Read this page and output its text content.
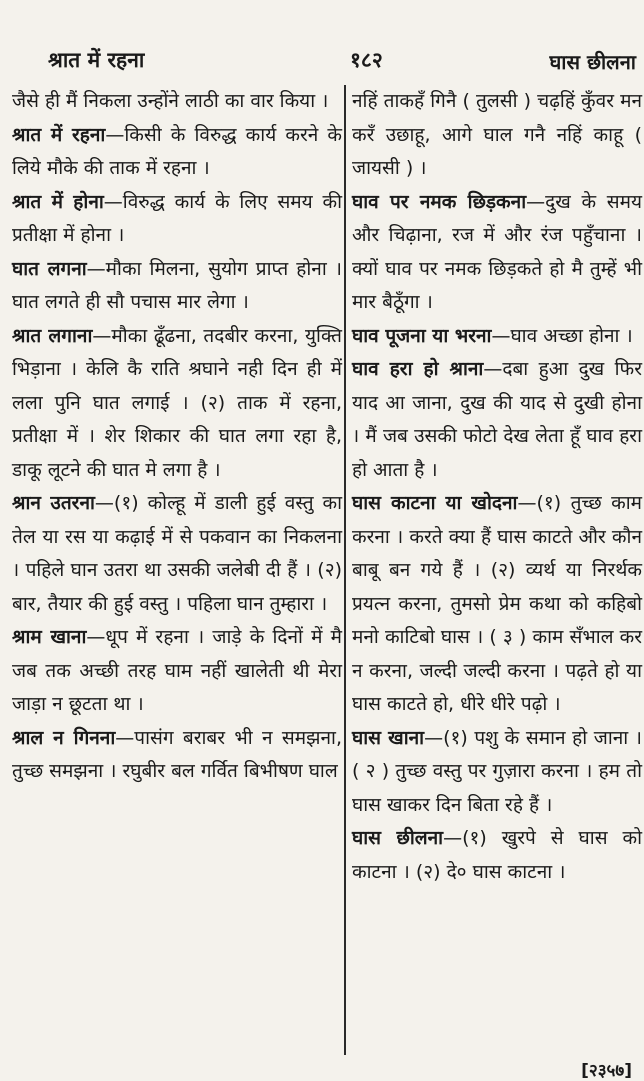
श्रात में रहना	१८२	घास छीलना

जैसे ही मैं निकला उन्होंने लाठी का वार किया ।

श्रात में रहना—किसी के विरुद्ध कार्य करने के लिये मौके की ताक में रहना ।

श्रात में होना—विरुद्ध कार्य के लिए समय की प्रतीक्षा में होना ।

घात लगना—मौका मिलना, सुयोग प्राप्त होना । घात लगते ही सौ पचास मार लेगा ।

श्रात लगाना—मौका ढूँढना, तदबीर करना, युक्ति भिड़ाना । केलि कै राति श्रघाने नही दिन ही में लला पुनि घात लगाई । (२) ताक में रहना, प्रतीक्षा में । शेर शिकार की घात लगा रहा है, डाकू लूटने की घात मे लगा है ।

श्रान उतरना—(१) कोल्हू में डाली हुई वस्तु का तेल या रस या कढ़ाई में से पकवान का निकलना । पहिले घान उतरा था उसकी जलेबी दी हैं । (२) बार, तैयार की हुई वस्तु । पहिला घान तुम्हारा ।

श्राम खाना—धूप में रहना । जाड़े के दिनों में मै जब तक अच्छी तरह घाम नहीं खालेती थी मेरा जाड़ा न छूटता था ।

श्राल न गिनना—पासंग बराबर भी न समझना, तुच्छ समझना । रघुबीर बल गर्वित बिभीषण घाल

नहिं ताकहँ गिनै ( तुलसी ) चढ़हिं कुँवर मन करँ उछाहू, आगे घाल गनै नहिं काहू ( जायसी ) ।

घाव पर नमक छिड़कना—दुख के समय और चिढ़ाना, रज में और रंज पहुँचाना । क्यों घाव पर नमक छिड़कते हो मै तुम्हें भी मार बैठूँगा ।

घाव पूजना या भरना—घाव अच्छा होना ।

घाव हरा हो श्राना—दबा हुआ दुख फिर याद आ जाना, दुख की याद से दुखी होना । मैं जब उसकी फोटो देख लेता हूँ घाव हरा हो आता है ।

घास काटना या खोदना—(१) तुच्छ काम करना । करते क्या हैं घास काटते और कौन बाबू बन गये हैं । (२) व्यर्थ या निरर्थक प्रयत्न करना, तुमसो प्रेम कथा को कहिबो मनो काटिबो घास । ( ३ ) काम सँभाल कर न करना, जल्दी जल्दी करना । पढ़ते हो या घास काटते हो, धीरे धीरे पढ़ो ।

घास खाना—(१) पशु के समान हो जाना । ( २ ) तुच्छ वस्तु पर गुज़ारा करना । हम तो घास खाकर दिन बिता रहे हैं ।

घास छीलना—(१) खुरपे से घास को काटना । (२) दे० घास काटना ।

[२३५७]
